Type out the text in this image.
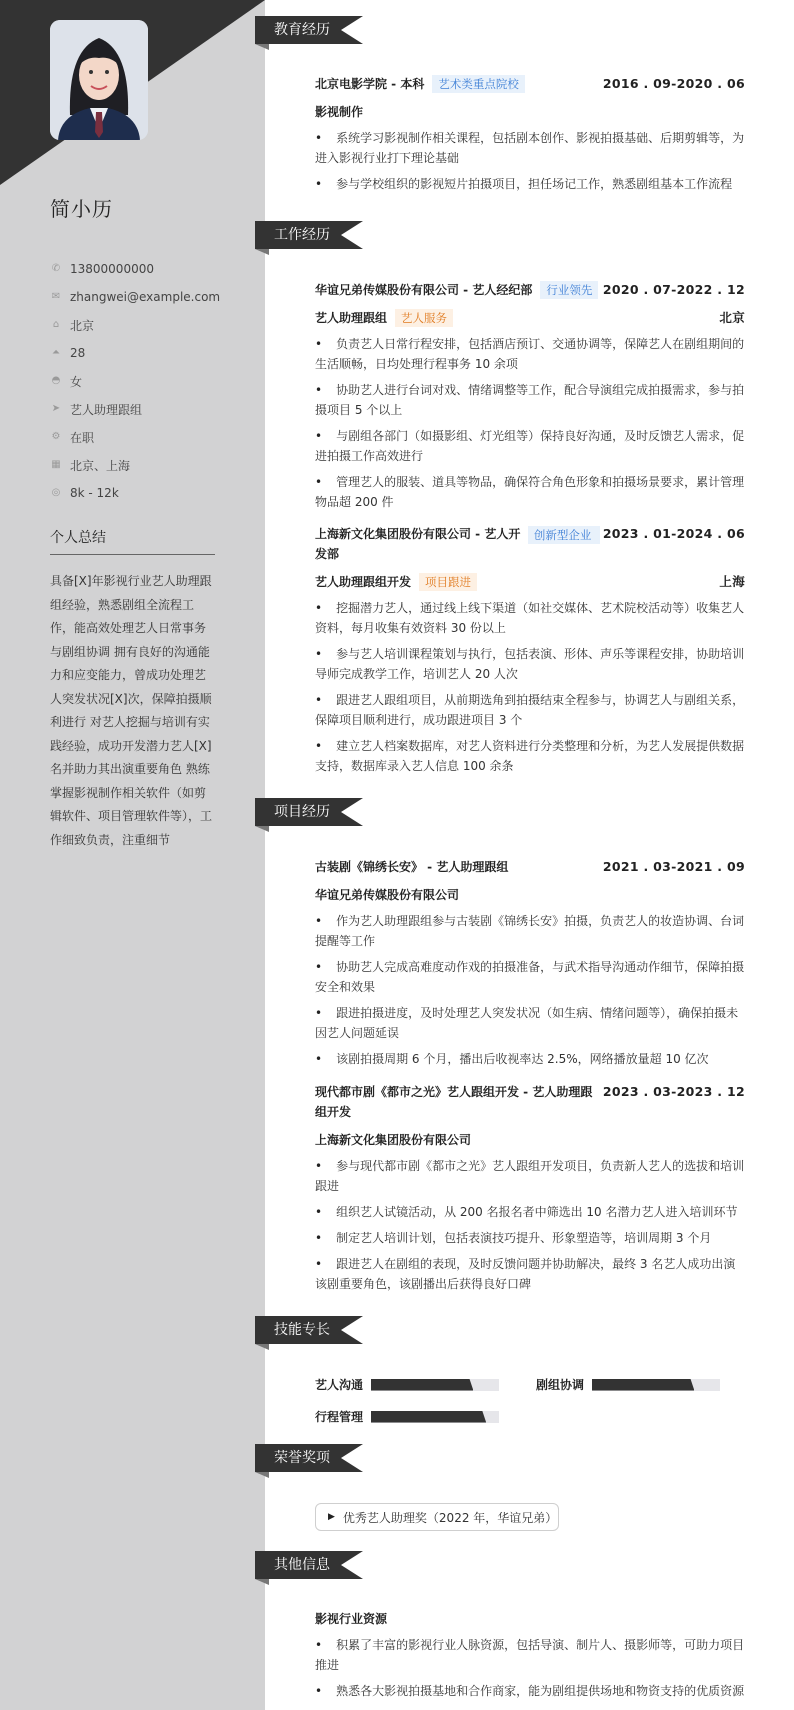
简小历
✆ 13800000000
✉ zhangwei@example.com
⌂ 北京
⏶ 28
◓ 女
➤ 艺人助理跟组
⚙ 在职
▦ 北京、上海
◎ 8k - 12k
个人总结
具备[X]年影视行业艺人助理跟组经验，熟悉剧组全流程工作，能高效处理艺人日常事务与剧组协调 拥有良好的沟通能力和应变能力，曾成功处理艺人突发状况[X]次，保障拍摄顺利进行 对艺人挖掘与培训有实践经验，成功开发潜力艺人[X]名并助力其出演重要角色 熟练掌握影视制作相关软件（如剪辑软件、项目管理软件等），工作细致负责，注重细节
教育经历
北京电影学院 - 本科 艺术类重点院校	2016 . 09-2020 . 06
影视制作
• 系统学习影视制作相关课程，包括剧本创作、影视拍摄基础、后期剪辑等，为进入影视行业打下理论基础
• 参与学校组织的影视短片拍摄项目，担任场记工作，熟悉剧组基本工作流程
工作经历
华谊兄弟传媒股份有限公司 - 艺人经纪部 行业领先 2020 . 07-2022 . 12
艺人助理跟组 艺人服务	北京
• 负责艺人日常行程安排，包括酒店预订、交通协调等，保障艺人在剧组期间的生活顺畅，日均处理行程事务 10 余项
• 协助艺人进行台词对戏、情绪调整等工作，配合导演组完成拍摄需求，参与拍摄项目 5 个以上
• 与剧组各部门（如摄影组、灯光组等）保持良好沟通，及时反馈艺人需求，促进拍摄工作高效进行
• 管理艺人的服装、道具等物品，确保符合角色形象和拍摄场景要求，累计管理物品超 200 件
上海新文化集团股份有限公司 - 艺人开发部
创新型企业 2023 . 01-2024 . 06
艺人助理跟组开发 项目跟进	上海
• 挖掘潜力艺人，通过线上线下渠道（如社交媒体、艺术院校活动等）收集艺人资料，每月收集有效资料 30 份以上
• 参与艺人培训课程策划与执行，包括表演、形体、声乐等课程安排，协助培训导师完成教学工作，培训艺人 20 人次
• 跟进艺人跟组项目，从前期选角到拍摄结束全程参与，协调艺人与剧组关系，保障项目顺利进行，成功跟进项目 3 个
• 建立艺人档案数据库，对艺人资料进行分类整理和分析，为艺人发展提供数据支持，数据库录入艺人信息 100 余条
项目经历
古装剧《锦绣长安》 - 艺人助理跟组	2021 . 03-2021 . 09
华谊兄弟传媒股份有限公司
• 作为艺人助理跟组参与古装剧《锦绣长安》拍摄，负责艺人的妆造协调、台词提醒等工作
• 协助艺人完成高难度动作戏的拍摄准备，与武术指导沟通动作细节，保障拍摄安全和效果
• 跟进拍摄进度，及时处理艺人突发状况（如生病、情绪问题等），确保拍摄未因艺人问题延误
• 该剧拍摄周期 6 个月，播出后收视率达 2.5%，网络播放量超 10 亿次
现代都市剧《都市之光》艺人跟组开发 - 艺人助理跟组开发
2023 . 03-2023 . 12
上海新文化集团股份有限公司
• 参与现代都市剧《都市之光》艺人跟组开发项目，负责新人艺人的选拔和培训跟进
• 组织艺人试镜活动，从 200 名报名者中筛选出 10 名潜力艺人进入培训环节
• 制定艺人培训计划，包括表演技巧提升、形象塑造等，培训周期 3 个月
• 跟进艺人在剧组的表现，及时反馈问题并协助解决，最终 3 名艺人成功出演该剧重要角色，该剧播出后获得良好口碑
技能专长
艺人沟通	剧组协调
行程管理
荣誉奖项
▶ 优秀艺人助理奖（2022 年，华谊兄弟）
其他信息
影视行业资源
• 积累了丰富的影视行业人脉资源，包括导演、制片人、摄影师等，可助力项目推进
• 熟悉各大影视拍摄基地和合作商家，能为剧组提供场地和物资支持的优质资源
